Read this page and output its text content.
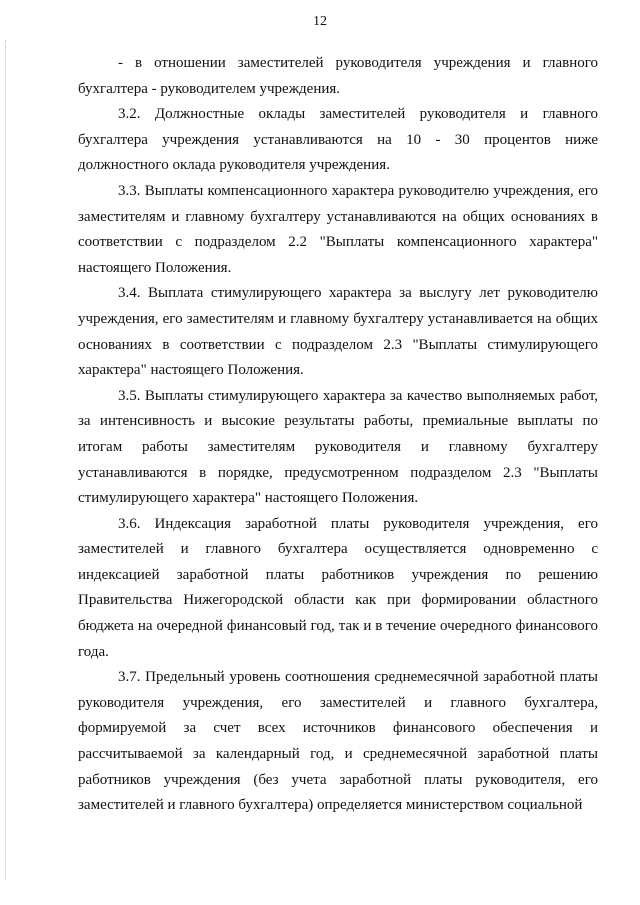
12

- в отношении заместителей руководителя учреждения и главного бухгалтера - руководителем учреждения.

3.2. Должностные оклады заместителей руководителя и главного бухгалтера учреждения устанавливаются на 10 - 30 процентов ниже должностного оклада руководителя учреждения.

3.3. Выплаты компенсационного характера руководителю учреждения, его заместителям и главному бухгалтеру устанавливаются на общих основаниях в соответствии с подразделом 2.2 "Выплаты компенсационного характера" настоящего Положения.

3.4. Выплата стимулирующего характера за выслугу лет руководителю учреждения, его заместителям и главному бухгалтеру устанавливается на общих основаниях в соответствии с подразделом 2.3 "Выплаты стимулирующего характера" настоящего Положения.

3.5. Выплаты стимулирующего характера за качество выполняемых работ, за интенсивность и высокие результаты работы, премиальные выплаты по итогам работы заместителям руководителя и главному бухгалтеру устанавливаются в порядке, предусмотренном подразделом 2.3 "Выплаты стимулирующего характера" настоящего Положения.

3.6. Индексация заработной платы руководителя учреждения, его заместителей и главного бухгалтера осуществляется одновременно с индексацией заработной платы работников учреждения по решению Правительства Нижегородской области как при формировании областного бюджета на очередной финансовый год, так и в течение очередного финансового года.

3.7. Предельный уровень соотношения среднемесячной заработной платы руководителя учреждения, его заместителей и главного бухгалтера, формируемой за счет всех источников финансового обеспечения и рассчитываемой за календарный год, и среднемесячной заработной платы работников учреждения (без учета заработной платы руководителя, его заместителей и главного бухгалтера) определяется министерством социальной
